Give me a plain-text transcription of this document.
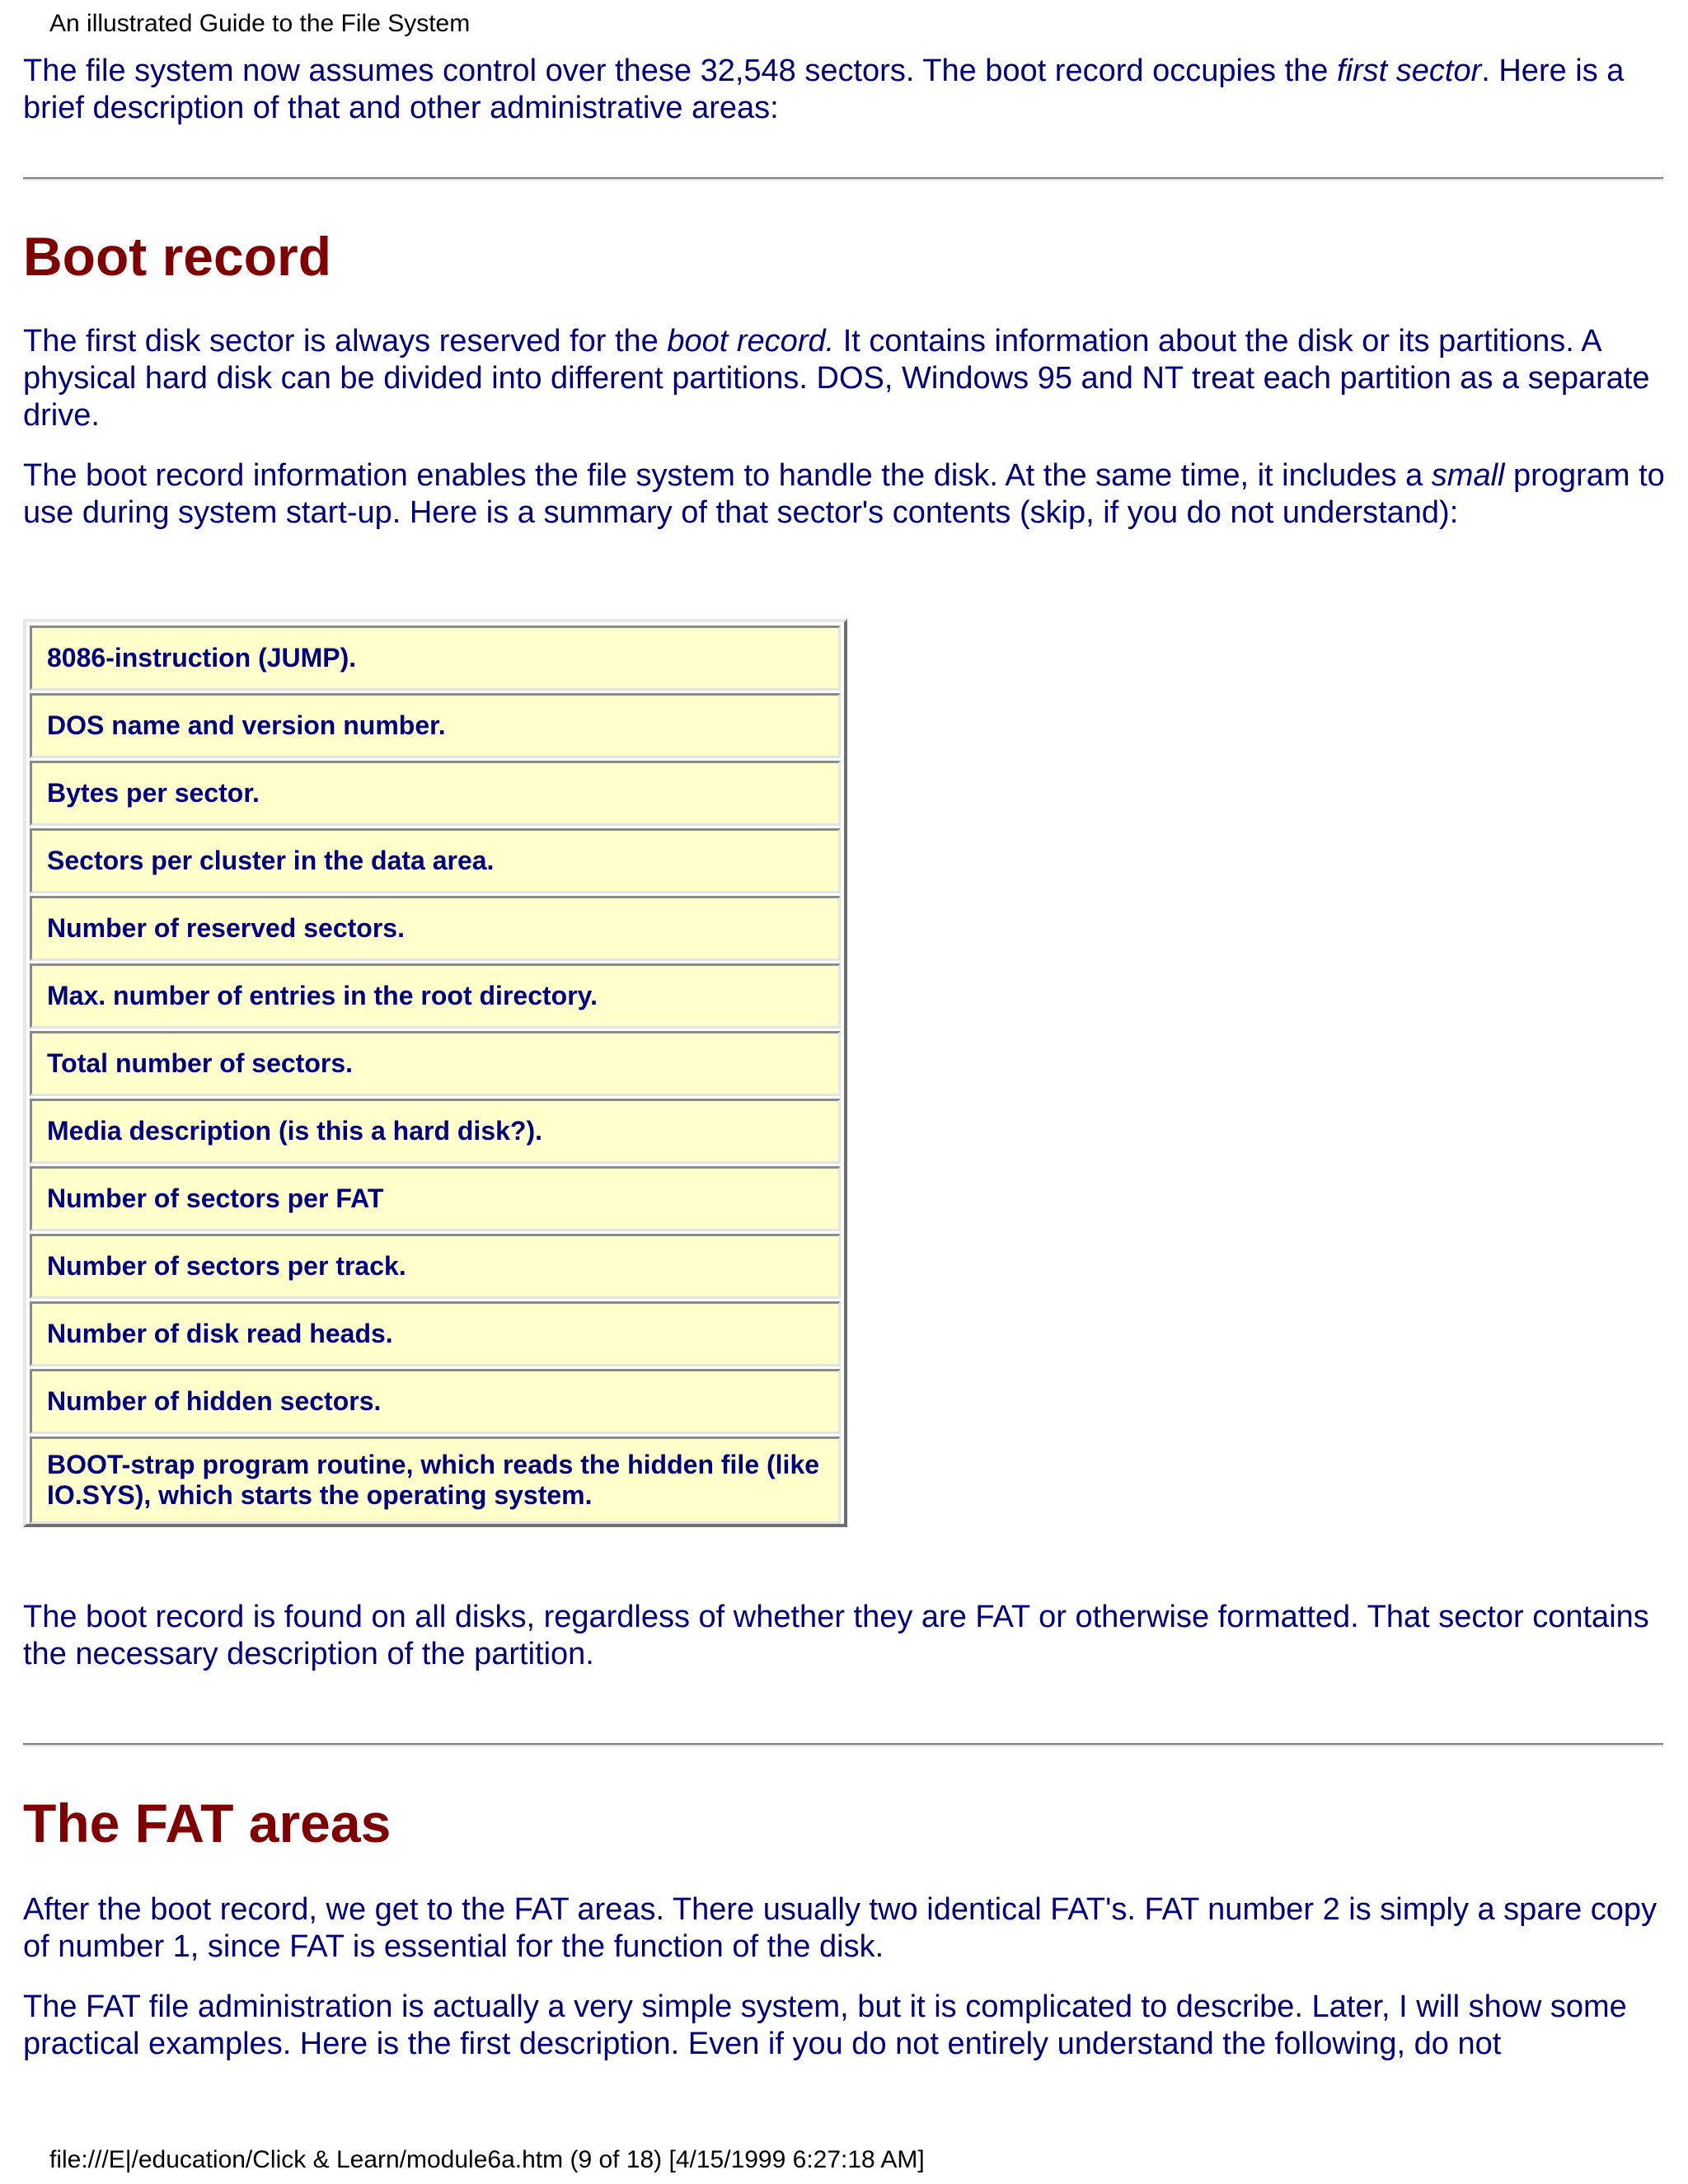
An illustrated Guide to the File System

The file system now assumes control over these 32,548 sectors. The boot record occupies the first sector. Here is a brief description of that and other administrative areas:

Boot record

The first disk sector is always reserved for the boot record. It contains information about the disk or its partitions. A physical hard disk can be divided into different partitions. DOS, Windows 95 and NT treat each partition as a separate drive.

The boot record information enables the file system to handle the disk. At the same time, it includes a small program to use during system start-up. Here is a summary of that sector's contents (skip, if you do not understand):

8086-instruction (JUMP).
DOS name and version number.
Bytes per sector.
Sectors per cluster in the data area.
Number of reserved sectors.
Max. number of entries in the root directory.
Total number of sectors.
Media description (is this a hard disk?).
Number of sectors per FAT
Number of sectors per track.
Number of disk read heads.
Number of hidden sectors.
BOOT-strap program routine, which reads the hidden file (like IO.SYS), which starts the operating system.

The boot record is found on all disks, regardless of whether they are FAT or otherwise formatted. That sector contains the necessary description of the partition.

The FAT areas

After the boot record, we get to the FAT areas. There usually two identical FAT's. FAT number 2 is simply a spare copy of number 1, since FAT is essential for the function of the disk.

The FAT file administration is actually a very simple system, but it is complicated to describe. Later, I will show some practical examples. Here is the first description. Even if you do not entirely understand the following, do not

file:///E|/education/Click & Learn/module6a.htm (9 of 18) [4/15/1999 6:27:18 AM]
